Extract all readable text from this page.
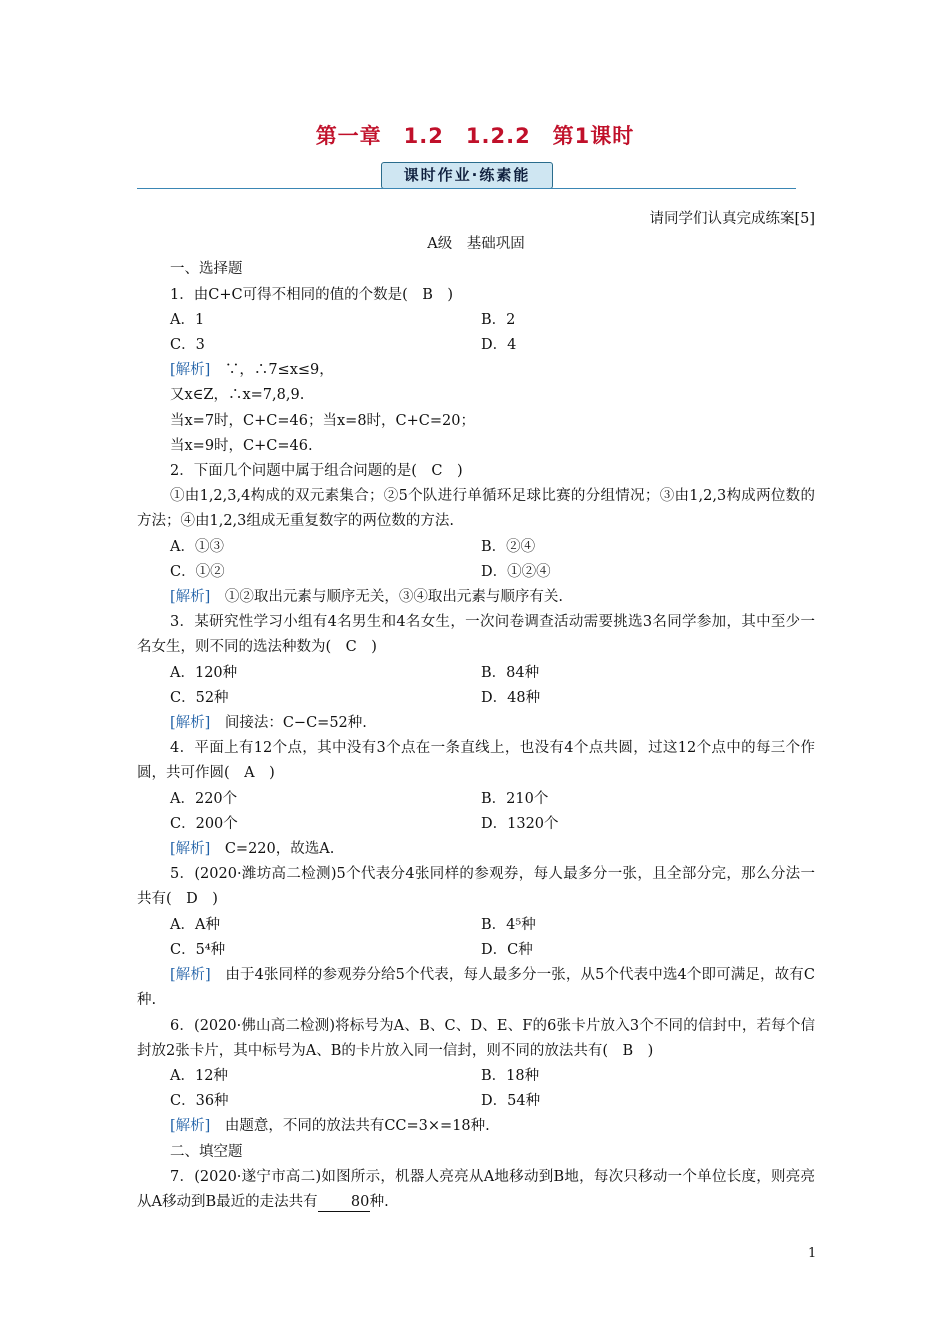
第一章　1.2　1.2.2　第1课时
课时作业·练素能
请同学们认真完成练案[5]
A级　基础巩固
一、选择题
1．由C+C可得不相同的值的个数是(　B　)
A．1	B．2
C．3	D．4
[解析]　∵，∴7≤x≤9，
又x∈Z，∴x=7,8,9.
当x=7时，C+C=46；当x=8时，C+C=20；
当x=9时，C+C=46.
2．下面几个问题中属于组合问题的是(　C　)
①由1,2,3,4构成的双元素集合；②5个队进行单循环足球比赛的分组情况；③由1,2,3构成两位数的方法；④由1,2,3组成无重复数字的两位数的方法.
A．①③	B．②④
C．①②	D．①②④
[解析]　①②取出元素与顺序无关，③④取出元素与顺序有关.
3．某研究性学习小组有4名男生和4名女生，一次问卷调查活动需要挑选3名同学参加，其中至少一名女生，则不同的选法种数为(　C　)
A．120种	B．84种
C．52种	D．48种
[解析]　间接法：C−C=52种.
4．平面上有12个点，其中没有3个点在一条直线上，也没有4个点共圆，过这12个点中的每三个作圆，共可作圆(　A　)
A．220个	B．210个
C．200个	D．1320个
[解析]　C=220，故选A.
5．(2020·潍坊高二检测)5个代表分4张同样的参观券，每人最多分一张，且全部分完，那么分法一共有(　D　)
A．A种	B．4⁵种
C．5⁴种	D．C种
[解析]　由于4张同样的参观券分给5个代表，每人最多分一张，从5个代表中选4个即可满足，故有C种.
6．(2020·佛山高二检测)将标号为A、B、C、D、E、F的6张卡片放入3个不同的信封中，若每个信封放2张卡片，其中标号为A、B的卡片放入同一信封，则不同的放法共有(　B　)
A．12种	B．18种
C．36种	D．54种
[解析]　由题意，不同的放法共有CC=3×=18种.
二、填空题
7．(2020·遂宁市高二)如图所示，机器人亮亮从A地移动到B地，每次只移动一个单位长度，则亮亮从A移动到B最近的走法共有 80种.
1
